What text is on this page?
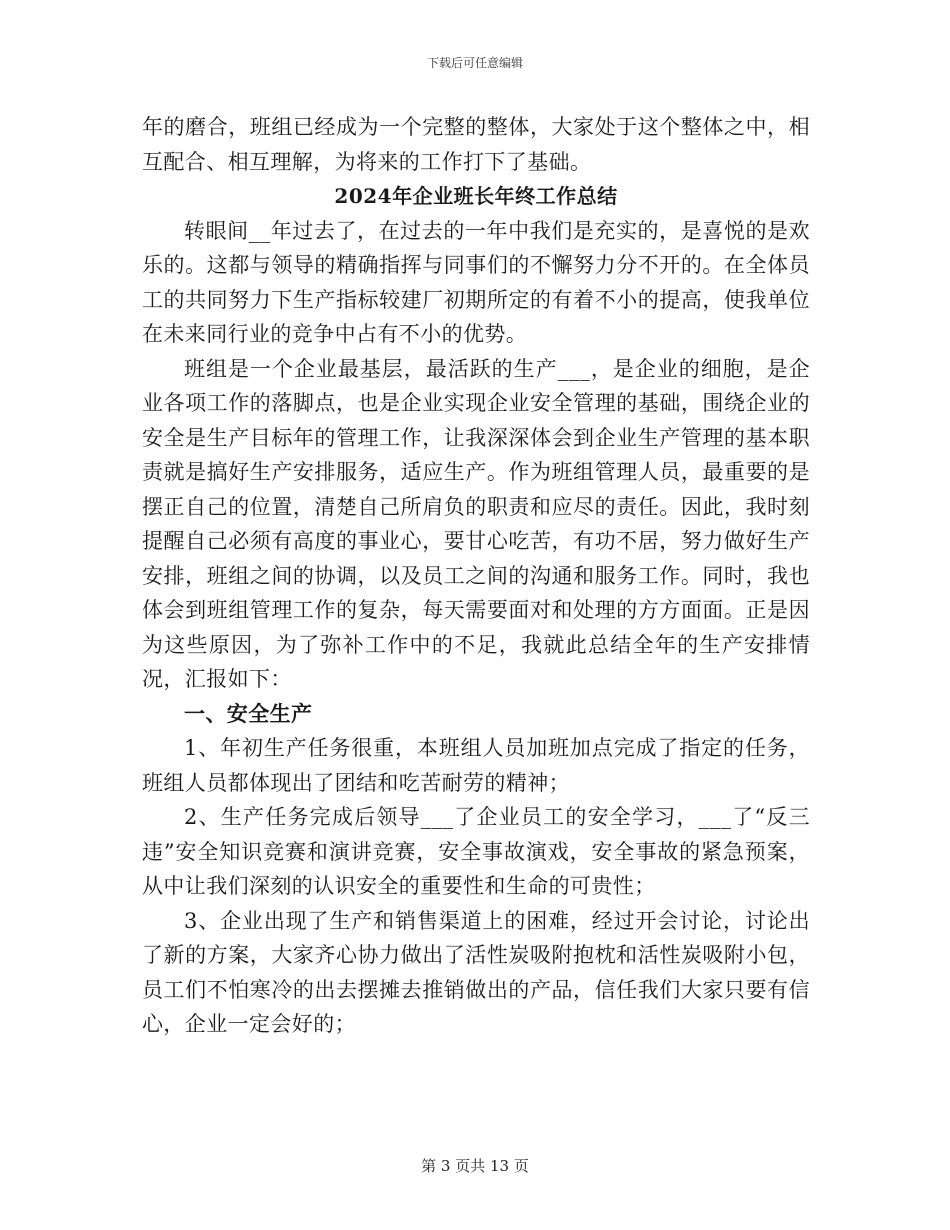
下载后可任意编辑

年的磨合，班组已经成为一个完整的整体，大家处于这个整体之中，相互配合、相互理解，为将来的工作打下了基础。

2024年企业班长年终工作总结

转眼间__年过去了，在过去的一年中我们是充实的，是喜悦的是欢乐的。这都与领导的精确指挥与同事们的不懈努力分不开的。在全体员工的共同努力下生产指标较建厂初期所定的有着不小的提高，使我单位在未来同行业的竞争中占有不小的优势。

班组是一个企业最基层，最活跃的生产___，是企业的细胞，是企业各项工作的落脚点，也是企业实现企业安全管理的基础，围绕企业的安全是生产目标年的管理工作，让我深深体会到企业生产管理的基本职责就是搞好生产安排服务，适应生产。作为班组管理人员，最重要的是摆正自己的位置，清楚自己所肩负的职责和应尽的责任。因此，我时刻提醒自己必须有高度的事业心，要甘心吃苦，有功不居，努力做好生产安排，班组之间的协调，以及员工之间的沟通和服务工作。同时，我也体会到班组管理工作的复杂，每天需要面对和处理的方方面面。正是因为这些原因，为了弥补工作中的不足，我就此总结全年的生产安排情况，汇报如下：

一、安全生产

1、年初生产任务很重，本班组人员加班加点完成了指定的任务，班组人员都体现出了团结和吃苦耐劳的精神；

2、生产任务完成后领导___了企业员工的安全学习，___了“反三违”安全知识竞赛和演讲竞赛，安全事故演戏，安全事故的紧急预案，从中让我们深刻的认识安全的重要性和生命的可贵性；

3、企业出现了生产和销售渠道上的困难，经过开会讨论，讨论出了新的方案，大家齐心协力做出了活性炭吸附抱枕和活性炭吸附小包，员工们不怕寒冷的出去摆摊去推销做出的产品，信任我们大家只要有信心，企业一定会好的；

第 3 页共 13 页
